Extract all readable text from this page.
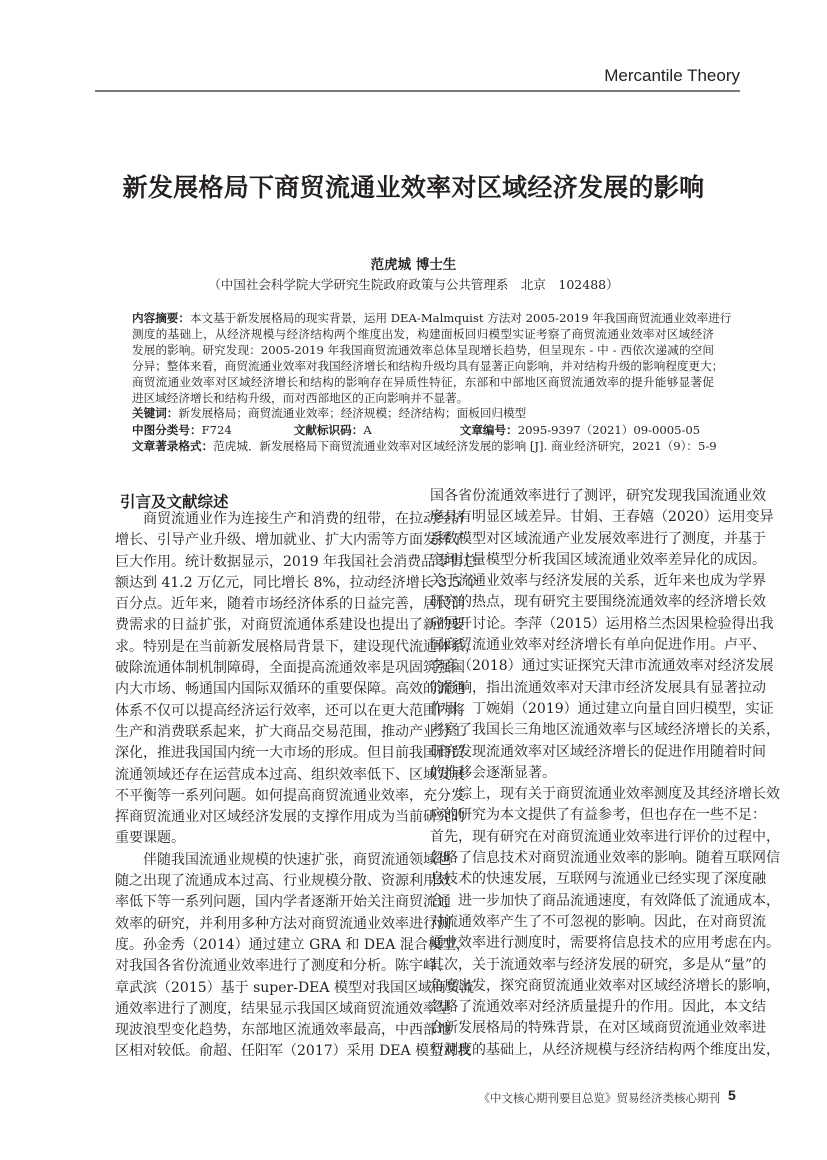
Mercantile Theory
新发展格局下商贸流通业效率对区域经济发展的影响
范虎城 博士生
（中国社会科学院大学研究生院政府政策与公共管理系　北京　102488）
内容摘要：本文基于新发展格局的现实背景，运用 DEA-Malmquist 方法对 2005-2019 年我国商贸流通业效率进行
测度的基础上，从经济规模与经济结构两个维度出发，构建面板回归模型实证考察了商贸流通业效率对区域经济
发展的影响。研究发现：2005-2019 年我国商贸流通效率总体呈现增长趋势，但呈现东 - 中 - 西依次递减的空间
分异；整体来看，商贸流通业效率对我国经济增长和结构升级均具有显著正向影响，并对结构升级的影响程度更大；
商贸流通业效率对区域经济增长和结构的影响存在异质性特征，东部和中部地区商贸流通效率的提升能够显著促
进区域经济增长和结构升级，而对西部地区的正向影响并不显著。
关键词：新发展格局；商贸流通业效率；经济规模；经济结构；面板回归模型
中图分类号：F724	文献标识码：A	文章编号：2095-9397（2021）09-0005-05
文章著录格式：范虎城．新发展格局下商贸流通业效率对区域经济发展的影响 [J]. 商业经济研究，2021（9）：5-9
引言及文献综述
商贸流通业作为连接生产和消费的纽带，在拉动经济
增长、引导产业升级、增加就业、扩大内需等方面发挥了
巨大作用。统计数据显示，2019 年我国社会消费品零售总
额达到 41.2 万亿元，同比增长 8%，拉动经济增长 3.5 个
百分点。近年来，随着市场经济体系的日益完善，居民消
费需求的日益扩张，对商贸流通体系建设也提出了新的要
求。特别是在当前新发展格局背景下，建设现代流通体系，
破除流通体制机制障碍，全面提高流通效率是巩固筑强国
内大市场、畅通国内国际双循环的重要保障。高效的流通
体系不仅可以提高经济运行效率，还可以在更大范围内将
生产和消费联系起来，扩大商品交易范围，推动产业分工
深化，推进我国国内统一大市场的形成。但目前我国商贸
流通领域还存在运营成本过高、组织效率低下、区域发展
不平衡等一系列问题。如何提高商贸流通业效率，充分发
挥商贸流通业对区域经济发展的支撑作用成为当前研究的
重要课题。
伴随我国流通业规模的快速扩张，商贸流通领域也
随之出现了流通成本过高、行业规模分散、资源利用效
率低下等一系列问题，国内学者逐渐开始关注商贸流通
效率的研究，并利用多种方法对商贸流通业效率进行测
度。孙金秀（2014）通过建立 GRA 和 DEA 混合模型，
对我国各省份流通业效率进行了测度和分析。陈宇峰、
章武滨（2015）基于 super-DEA 模型对我国区域商贸流
通效率进行了测度，结果显示我国区域商贸流通效率呈
现波浪型变化趋势，东部地区流通效率最高，中西部地
区相对较低。俞超、任阳军（2017）采用 DEA 模型对我
国各省份流通效率进行了测评，研究发现我国流通业效
率具有明显区域差异。甘娟、王春嬉（2020）运用变异
系数模型对区域流通产业发展效率进行了测度，并基于
空间计量模型分析我国区域流通业效率差异化的成因。
关于流通业效率与经济发展的关系，近年来也成为学界
研究的热点，现有研究主要围绕流通效率的经济增长效
应展开讨论。李萍（2015）运用格兰杰因果检验得出我
国商贸流通业效率对经济增长有单向促进作用。卢平、
李彦（2018）通过实证探究天津市流通效率对经济发展
的影响，指出流通效率对天津市经济发展具有显著拉动
作用。丁婉娟（2019）通过建立向量自回归模型，实证
考察了我国长三角地区流通效率与区域经济增长的关系，
研究发现流通效率对区域经济增长的促进作用随着时间
的推移会逐渐显著。
综上，现有关于商贸流通业效率测度及其经济增长效
应的研究为本文提供了有益参考，但也存在一些不足：
首先，现有研究在对商贸流通业效率进行评价的过程中，
忽略了信息技术对商贸流通业效率的影响。随着互联网信
息技术的快速发展，互联网与流通业已经实现了深度融
合，进一步加快了商品流通速度，有效降低了流通成本，
对流通效率产生了不可忽视的影响。因此，在对商贸流
通业效率进行测度时，需要将信息技术的应用考虑在内。
其次，关于流通效率与经济发展的研究，多是从“量”的
角度出发，探究商贸流通业效率对区域经济增长的影响，
忽略了流通效率对经济质量提升的作用。因此，本文结
合新发展格局的特殊背景，在对区域商贸流通业效率进
行测度的基础上，从经济规模与经济结构两个维度出发，
《中文核心期刊要目总览》贸易经济类核心期刊 5
